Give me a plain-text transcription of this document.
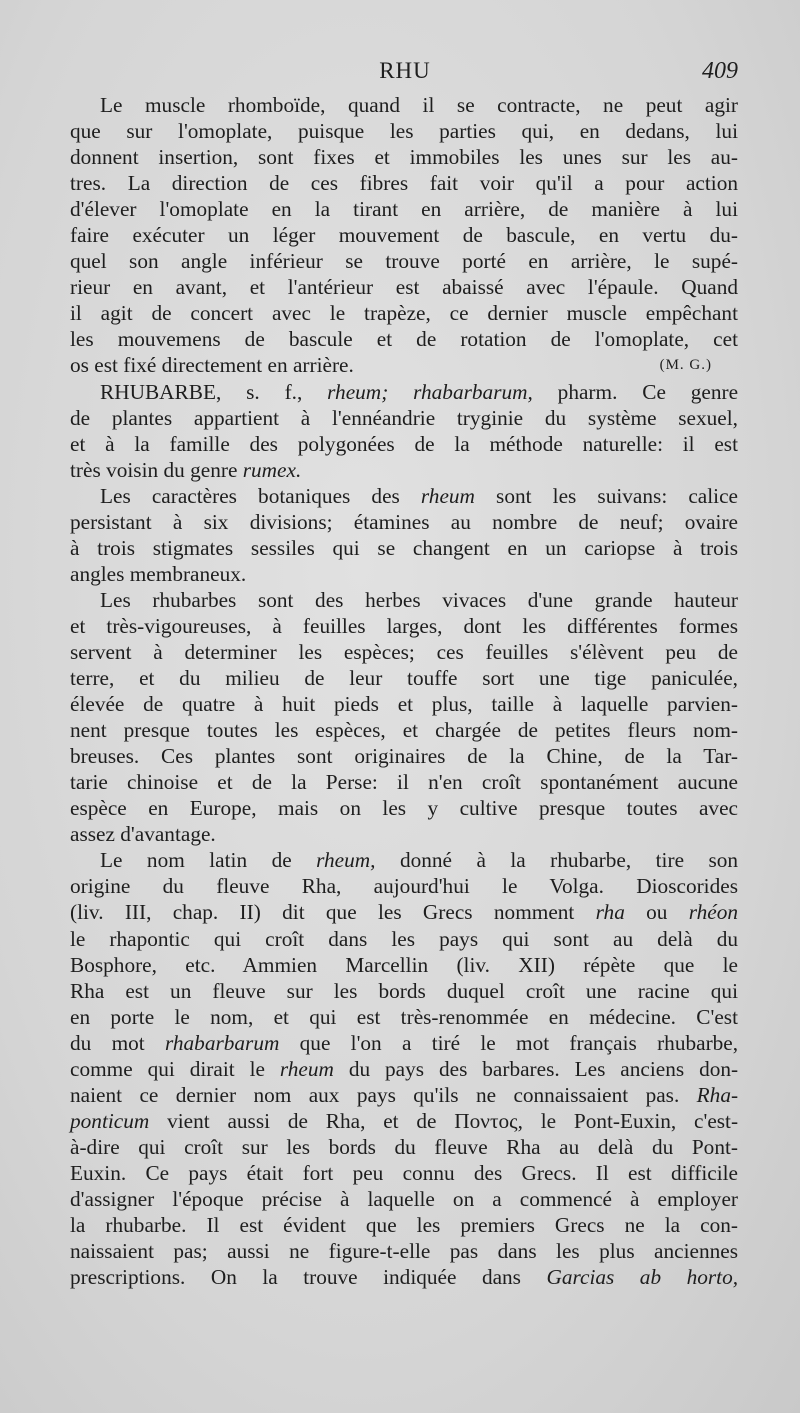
RHU	409
Le muscle rhomboïde, quand il se contracte, ne peut agir
que sur l'omoplate, puisque les parties qui, en dedans, lui
donnent insertion, sont fixes et immobiles les unes sur les au-
tres. La direction de ces fibres fait voir qu'il a pour action
d'élever l'omoplate en la tirant en arrière, de manière à lui
faire exécuter un léger mouvement de bascule, en vertu du-
quel son angle inférieur se trouve porté en arrière, le supé-
rieur en avant, et l'antérieur est abaissé avec l'épaule. Quand
il agit de concert avec le trapèze, ce dernier muscle empêchant
les mouvemens de bascule et de rotation de l'omoplate, cet
os est fixé directement en arrière.	(M. G.)
RHUBARBE, s. f., rheum; rhabarbarum, pharm. Ce genre
de plantes appartient à l'ennéandrie tryginie du système sexuel,
et à la famille des polygonées de la méthode naturelle: il est
très voisin du genre rumex.
Les caractères botaniques des rheum sont les suivans: calice
persistant à six divisions; étamines au nombre de neuf; ovaire
à trois stigmates sessiles qui se changent en un cariopse à trois
angles membraneux.
Les rhubarbes sont des herbes vivaces d'une grande hauteur
et très-vigoureuses, à feuilles larges, dont les différentes formes
servent à determiner les espèces; ces feuilles s'élèvent peu de
terre, et du milieu de leur touffe sort une tige paniculée,
élevée de quatre à huit pieds et plus, taille à laquelle parvien-
nent presque toutes les espèces, et chargée de petites fleurs nom-
breuses. Ces plantes sont originaires de la Chine, de la Tar-
tarie chinoise et de la Perse: il n'en croît spontanément aucune
espèce en Europe, mais on les y cultive presque toutes avec
assez d'avantage.
Le nom latin de rheum, donné à la rhubarbe, tire son
origine du fleuve Rha, aujourd'hui le Volga. Dioscorides
(liv. III, chap. II) dit que les Grecs nomment rha ou rhéon
le rhapontic qui croît dans les pays qui sont au delà du
Bosphore, etc. Ammien Marcellin (liv. XII) répète que le
Rha est un fleuve sur les bords duquel croît une racine qui
en porte le nom, et qui est très-renommée en médecine. C'est
du mot rhabarbarum que l'on a tiré le mot français rhubarbe,
comme qui dirait le rheum du pays des barbares. Les anciens don-
naient ce dernier nom aux pays qu'ils ne connaissaient pas. Rha-
ponticum vient aussi de Rha, et de Ποντος, le Pont-Euxin, c'est-
à-dire qui croît sur les bords du fleuve Rha au delà du Pont-
Euxin. Ce pays était fort peu connu des Grecs. Il est difficile
d'assigner l'époque précise à laquelle on a commencé à employer
la rhubarbe. Il est évident que les premiers Grecs ne la con-
naissaient pas; aussi ne figure-t-elle pas dans les plus anciennes
prescriptions. On la trouve indiquée dans Garcias ab horto,
